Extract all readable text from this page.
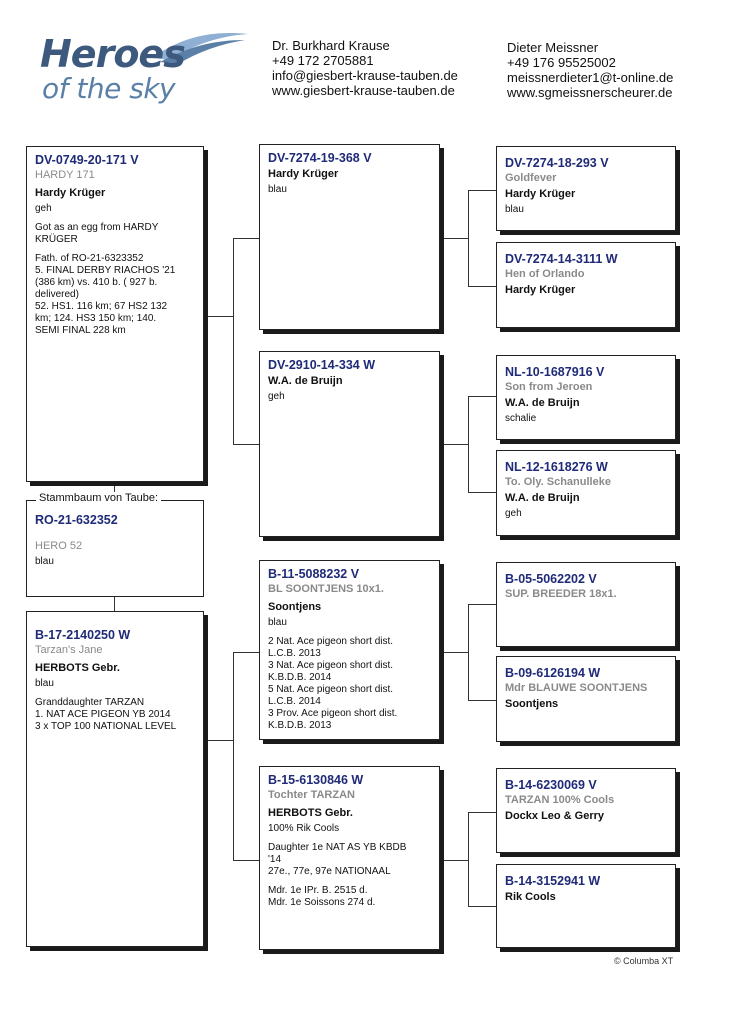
Heroes
of the sky
Dr. Burkhard Krause
+49 172 2705881
info@giesbert-krause-tauben.de
www.giesbert-krause-tauben.de
Dieter Meissner
+49 176 95525002
meissnerdieter1@t-online.de
www.sgmeissnerscheurer.de
DV-0749-20-171 V
HARDY 171
Hardy Krüger
geh
Got as an egg from HARDY
KRÜGER
Fath. of RO-21-6323352
5. FINAL DERBY RIACHOS '21
(386 km) vs. 410 b. ( 927 b.
delivered)
52. HS1. 116 km; 67 HS2 132
km; 124. HS3 150 km; 140.
SEMI FINAL 228 km
RO-21-632352
HERO 52
blau
Stammbaum von Taube:
B-17-2140250 W
Tarzan's Jane
HERBOTS Gebr.
blau
Granddaughter TARZAN
1. NAT ACE PIGEON YB 2014
3 x TOP 100 NATIONAL LEVEL
DV-7274-19-368 V
Hardy Krüger
blau
DV-2910-14-334 W
W.A. de Bruijn
geh
B-11-5088232 V
BL SOONTJENS 10x1.
Soontjens
blau
2 Nat. Ace pigeon short dist.
L.C.B. 2013
3 Nat. Ace pigeon short dist.
K.B.D.B. 2014
5 Nat. Ace pigeon short dist.
L.C.B. 2014
3 Prov. Ace pigeon short dist.
K.B.D.B. 2013
B-15-6130846 W
Tochter TARZAN
HERBOTS Gebr.
100% Rik Cools
Daughter 1e NAT AS YB KBDB
'14
27e., 77e, 97e NATIONAAL
Mdr. 1e IPr. B. 2515 d.
Mdr. 1e Soissons 274 d.
DV-7274-18-293 V
Goldfever
Hardy Krüger
blau
DV-7274-14-3111 W
Hen of Orlando
Hardy Krüger
NL-10-1687916 V
Son from Jeroen
W.A. de Bruijn
schalie
NL-12-1618276 W
To. Oly. Schanulleke
W.A. de Bruijn
geh
B-05-5062202 V
SUP. BREEDER 18x1.
B-09-6126194 W
Mdr BLAUWE SOONTJENS
Soontjens
B-14-6230069 V
TARZAN 100% Cools
Dockx Leo & Gerry
B-14-3152941 W
Rik Cools
© Columba XT
